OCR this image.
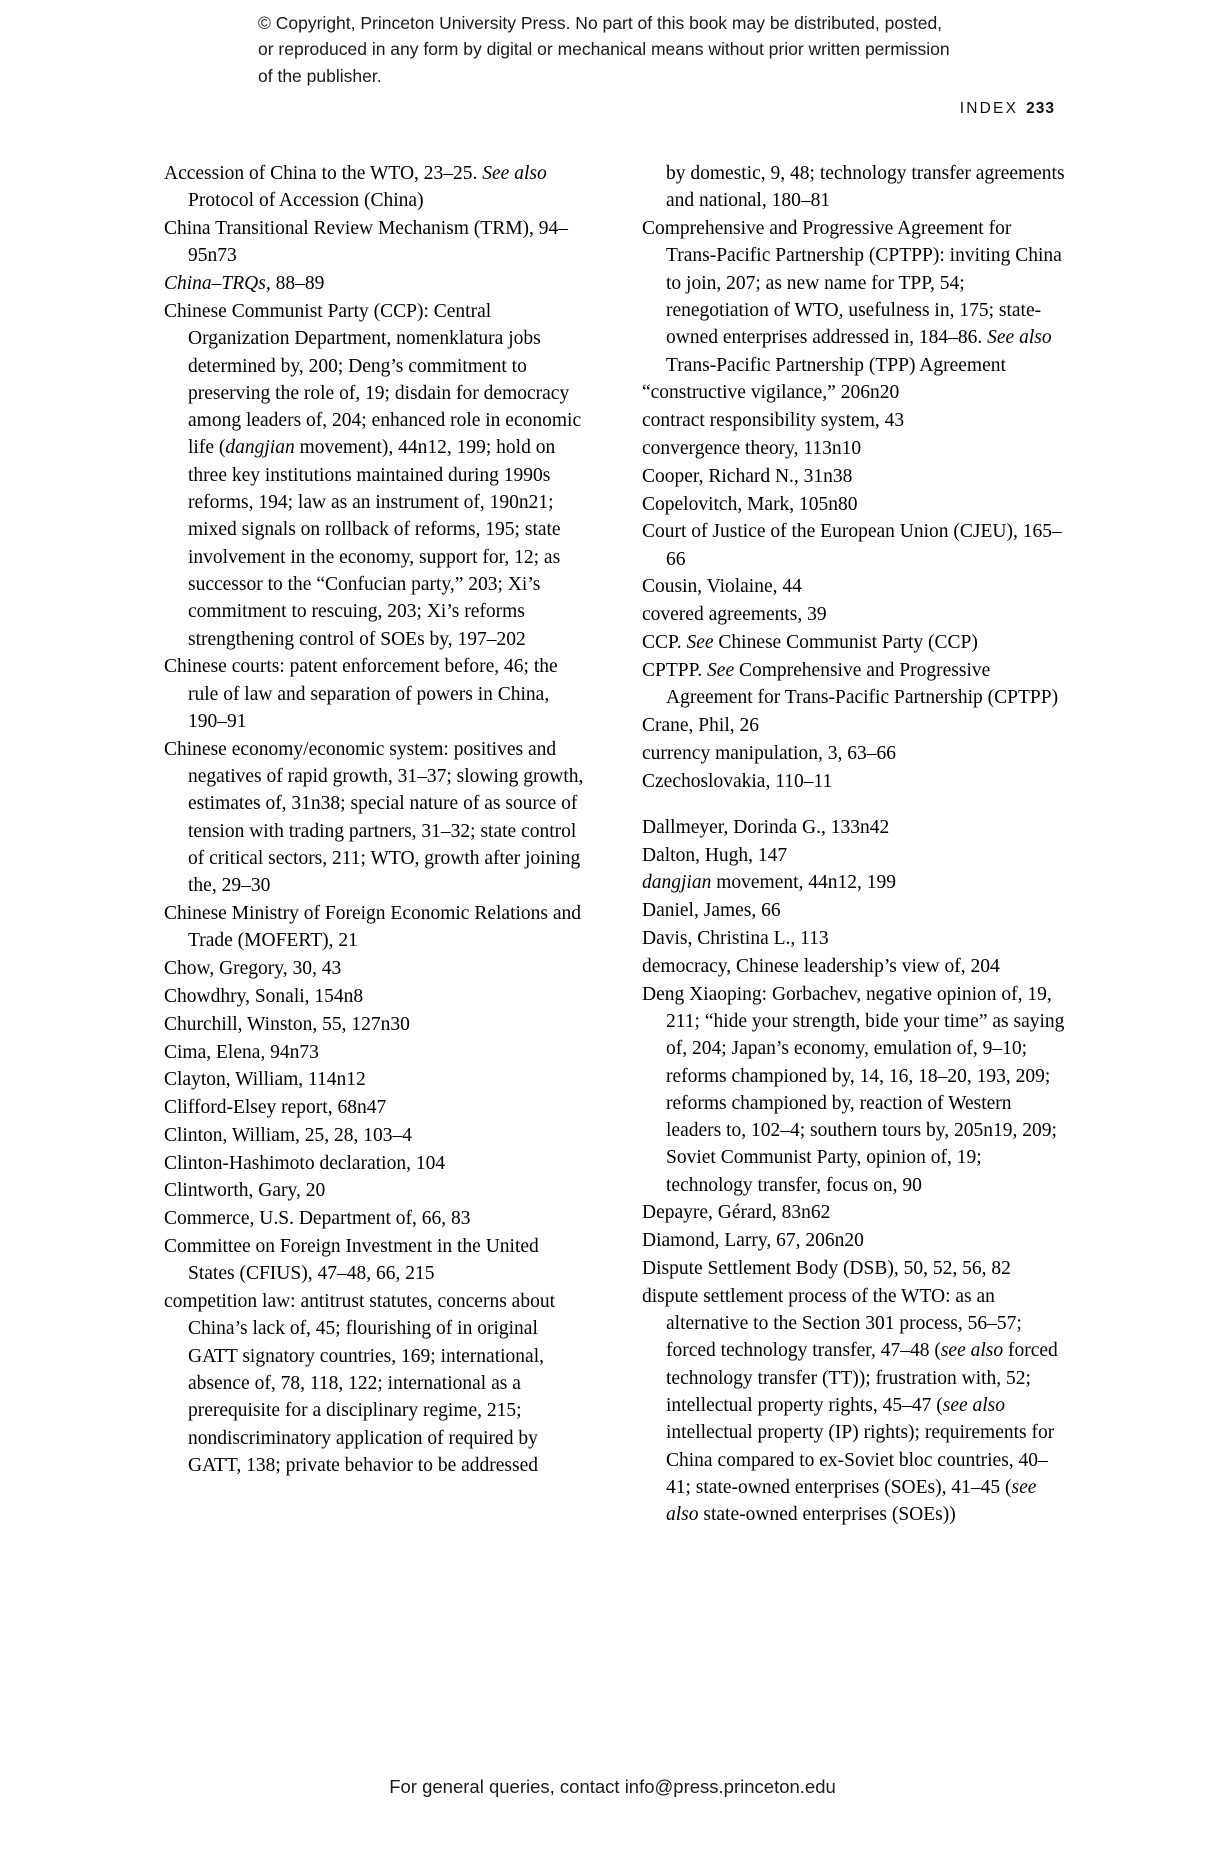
© Copyright, Princeton University Press. No part of this book may be distributed, posted, or reproduced in any form by digital or mechanical means without prior written permission of the publisher.
INDEX 233

Accession of China to the WTO, 23–25. See also Protocol of Accession (China)

China Transitional Review Mechanism (TRM), 94–95n73

China–TRQs, 88–89

Chinese Communist Party (CCP): Central Organization Department, nomenklatura jobs determined by, 200; Deng’s commitment to preserving the role of, 19; disdain for democracy among leaders of, 204; enhanced role in economic life (dangjian movement), 44n12, 199; hold on three key institutions maintained during 1990s reforms, 194; law as an instrument of, 190n21; mixed signals on rollback of reforms, 195; state involvement in the economy, support for, 12; as successor to the “Confucian party,” 203; Xi’s commitment to rescuing, 203; Xi’s reforms strengthening control of SOEs by, 197–202

Chinese courts: patent enforcement before, 46; the rule of law and separation of powers in China, 190–91

Chinese economy/economic system: positives and negatives of rapid growth, 31–37; slowing growth, estimates of, 31n38; special nature of as source of tension with trading partners, 31–32; state control of critical sectors, 211; WTO, growth after joining the, 29–30

Chinese Ministry of Foreign Economic Relations and Trade (MOFERT), 21

Chow, Gregory, 30, 43

Chowdhry, Sonali, 154n8

Churchill, Winston, 55, 127n30

Cima, Elena, 94n73

Clayton, William, 114n12

Clifford-Elsey report, 68n47

Clinton, William, 25, 28, 103–4

Clinton-Hashimoto declaration, 104

Clintworth, Gary, 20

Commerce, U.S. Department of, 66, 83

Committee on Foreign Investment in the United States (CFIUS), 47–48, 66, 215

competition law: antitrust statutes, concerns about China’s lack of, 45; flourishing of in original GATT signatory countries, 169; international, absence of, 78, 118, 122; international as a prerequisite for a disciplinary regime, 215; nondiscriminatory application of required by GATT, 138; private behavior to be addressed

by domestic, 9, 48; technology transfer agreements and national, 180–81

Comprehensive and Progressive Agreement for Trans-Pacific Partnership (CPTPP): inviting China to join, 207; as new name for TPP, 54; renegotiation of WTO, usefulness in, 175; state-owned enterprises addressed in, 184–86. See also Trans-Pacific Partnership (TPP) Agreement

“constructive vigilance,” 206n20

contract responsibility system, 43

convergence theory, 113n10

Cooper, Richard N., 31n38

Copelovitch, Mark, 105n80

Court of Justice of the European Union (CJEU), 165–66

Cousin, Violaine, 44

covered agreements, 39

CCP. See Chinese Communist Party (CCP)

CPTPP. See Comprehensive and Progressive Agreement for Trans-Pacific Partnership (CPTPP)

Crane, Phil, 26

currency manipulation, 3, 63–66

Czechoslovakia, 110–11

Dallmeyer, Dorinda G., 133n42

Dalton, Hugh, 147

dangjian movement, 44n12, 199

Daniel, James, 66

Davis, Christina L., 113

democracy, Chinese leadership’s view of, 204

Deng Xiaoping: Gorbachev, negative opinion of, 19, 211; “hide your strength, bide your time” as saying of, 204; Japan’s economy, emulation of, 9–10; reforms championed by, 14, 16, 18–20, 193, 209; reforms championed by, reaction of Western leaders to, 102–4; southern tours by, 205n19, 209; Soviet Communist Party, opinion of, 19; technology transfer, focus on, 90

Depayre, Gérard, 83n62

Diamond, Larry, 67, 206n20

Dispute Settlement Body (DSB), 50, 52, 56, 82

dispute settlement process of the WTO: as an alternative to the Section 301 process, 56–57; forced technology transfer, 47–48 (see also forced technology transfer (TT)); frustration with, 52; intellectual property rights, 45–47 (see also intellectual property (IP) rights); requirements for China compared to ex-Soviet bloc countries, 40–41; state-owned enterprises (SOEs), 41–45 (see also state-owned enterprises (SOEs))

For general queries, contact info@press.princeton.edu
